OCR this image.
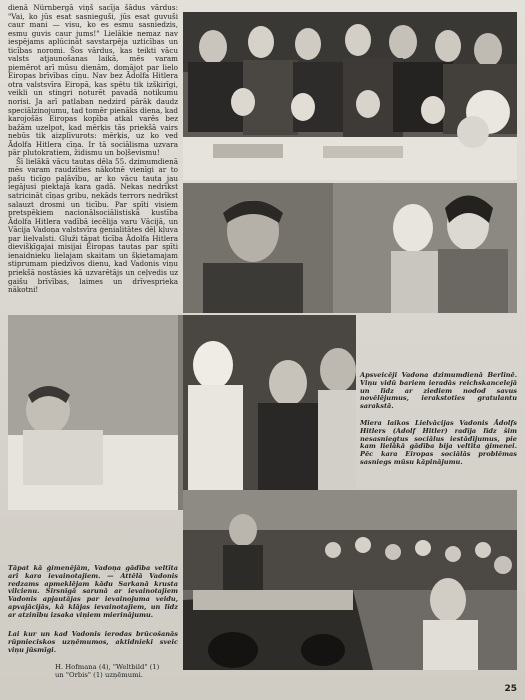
dienā Nürnbergā viņš sacīja šādus vārdus: "Vai, ko jūs esat sasnieguši, jūs esat guvuši caur mani — visu, ko es esmu sasniedzis, esmu guvis caur jums!" Lielākie nemaz nav iespējams aplūcināt savstarpēja uzticības un ticības noromi. Šos vārdus, kas teikti vācu valsts atjaunošanas laikā, mēs varam piemērot arī mūsu dienām, domājot par lielo Eiropas brīvības cīņu. Nav bez Ādolfa Hitlera otra valstsvīra Eiropā, kas spētu tik izšķirīgi, veikli un stingri noturēt pavadā notikumu norisi. Ja arī patlaban nedzird pārāk daudz speciālzinojumu, tad tomēr pienāks diena, kad karojošās Eiropas kopība atkal varēs bez bažām uzelpot, kad mērķis tās priekšā vairs nebūs tik aizplīvurots: mērķis, uz ko ved Ādolfa Hitlera cīņa. Ir tā sociālisma uzvara pār plutokratiem, židismu un boļševismu!

Šī lielākā vācu tautas dēla 55. dzimumdienā mēs varam raudzīties nākotnē vienīgi ar to pašu ticīgo paļāvību, ar ko vācu tauta jau iegājusi piektajā kara gadā. Nekas nedrīkst satricināt cīņas gribu, nekāds terrors nedrīkst salauzt drosmi un ticību. Par spīti visiem pretspēkiem nacionālsociālistiskā kustība Ādolfa Hitlera vadībā iecēlija varu Vācijā, un Vācija Vadoņa valstsvīra ģenialitātes dēļ kļuva par lielvalsti. Gluži tāpat tīcība Ādolfa Hitlera dievišķīgajai misijai Eiropas tautas par spīti ienaidnieku lielajam skaitam un šķietamajam stiprumam piedzīvos dienu, kad Vadonis viņu priekšā nostāsies kā uzvarētājs un ceļvedis uz gaišu brīvības, laimes un drīvesprieka nākotni!

Apsveicēji Vadona dzimumdienā Berlīnē. Viņu vidū bariem ieradās reichskancelejā un līdz ar ziediem nodod savus novēlējumus, ierakstoties gratulantu sarakstā.
Miera laikos Lielvācijas Vadonis Ādolfs Hitlers (Adolf Hitler) radīja līdz šim nesasniegtus sociālus iestādījumus, pie kam lielākā gādība bija veltīta ģimenei. Pēc kara Eiropas sociālās problēmas sasniegs mūsu kāpinājumu.
Tāpat kā ģimenējām, Vadoņa gādība veltīta arī kara ievainotajiem. — Attēlā Vadonis redzams apmeklējam kādu Sarkanā krusta vilcienu. Sirsnīgā sarunā ar ievainotajiem Vadonis apjautājas par ievainojuma veidu, apvajācijās, kā klājas ievainotajiem, un līdz ar atzinību izsaka viņiem mierinājumu.
Lai kur un kad Vadonis ierodas brūcošanās rūpnieciskos uzņēmumos, aktidnieki sveic viņu jūsmīgi.
H. Hofmana (4), "Weltbild" (1)
un "Orbis" (1) uzņēmumi.
25
